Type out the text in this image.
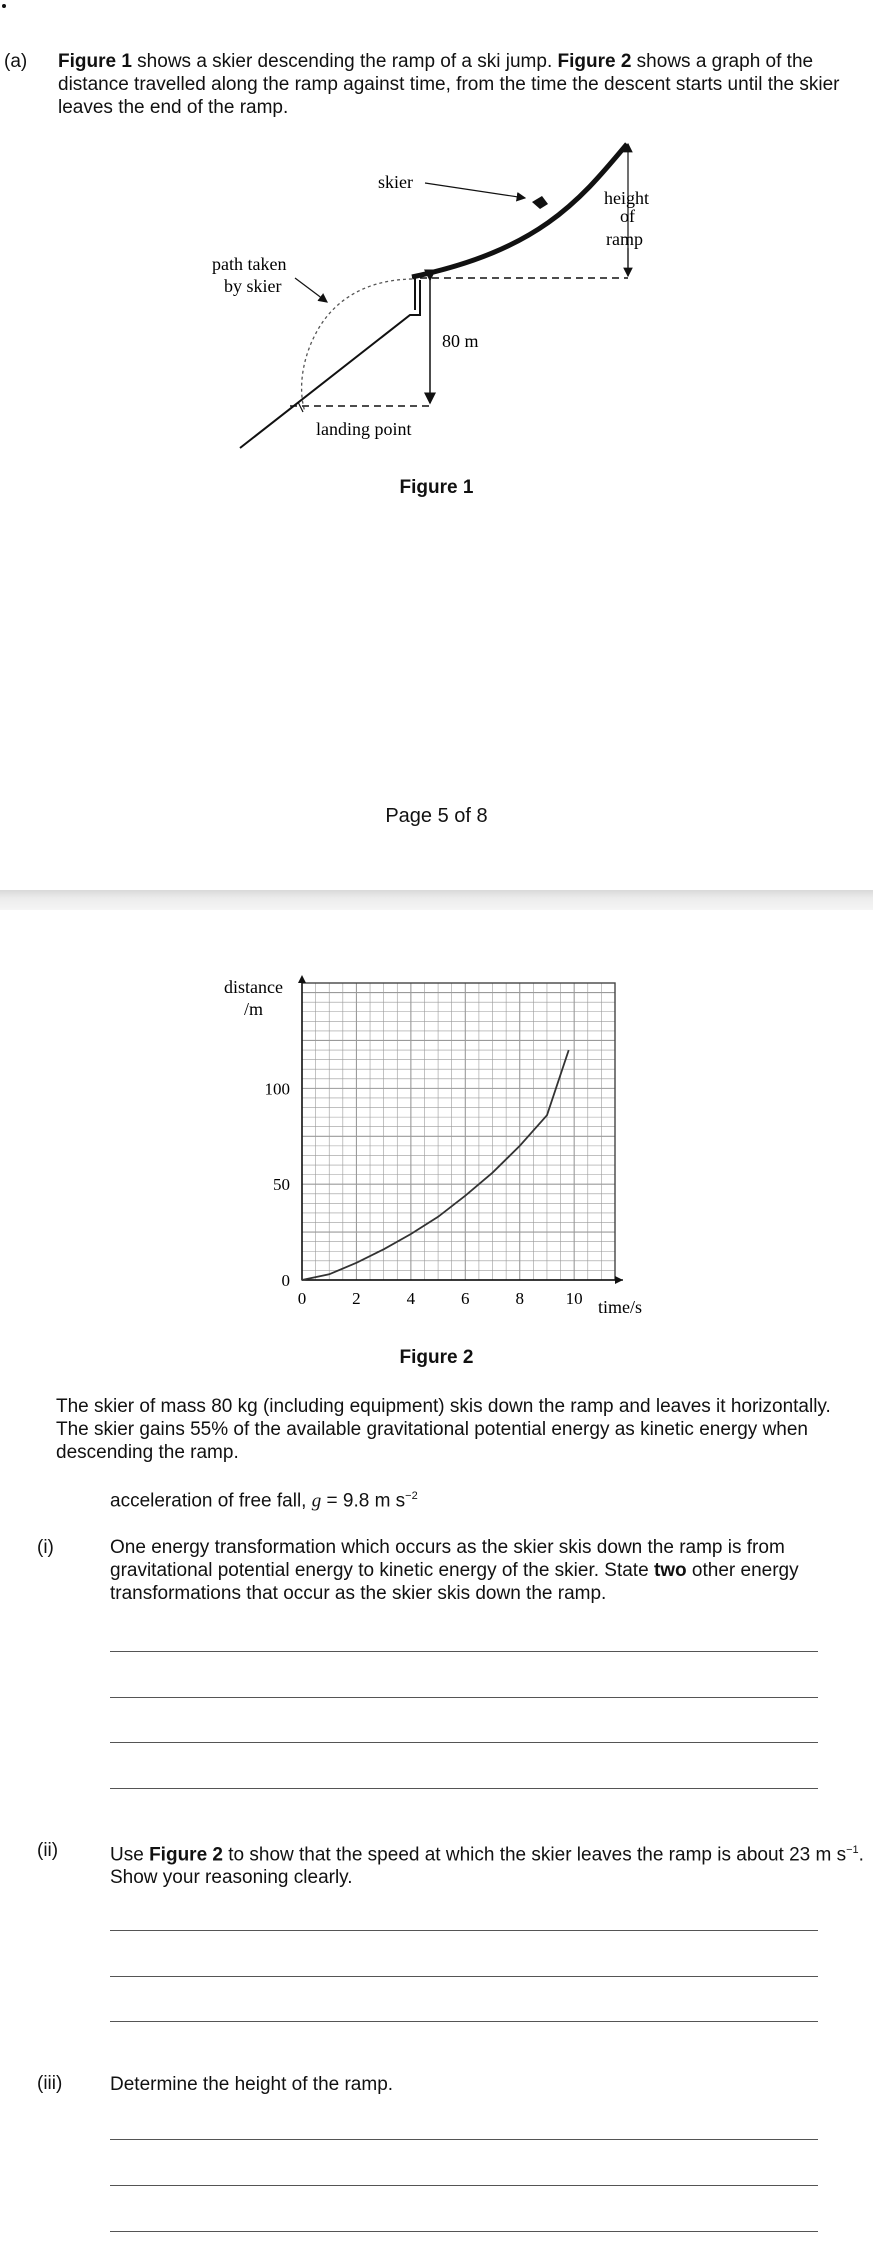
(a) Figure 1 shows a skier descending the ramp of a ski jump. Figure 2 shows a graph of the distance travelled along the ramp against time, from the time the descent starts until the skier leaves the end of the ramp.
skier
height
of
ramp
path taken
by skier
80 m
landing point
Figure 1
Page 5 of 8
0	2	4	6	8 10
0
50
100
distance
/m
time/s
Figure 2
The skier of mass 80 kg (including equipment) skis down the ramp and leaves it horizontally. The skier gains 55% of the available gravitational potential energy as kinetic energy when descending the ramp.
acceleration of free fall, g = 9.8 m $s^{-2}$
(i)	One energy transformation which occurs as the skier skis down the ramp is from gravitational potential energy to kinetic energy of the skier. State two other energy transformations that occur as the skier skis down the ramp.
(ii)	Use Figure 2 to show that the speed at which the skier leaves the ramp is about 23 m $s^{-1}$. Show your reasoning clearly.
(iii)	Determine the height of the ramp.
